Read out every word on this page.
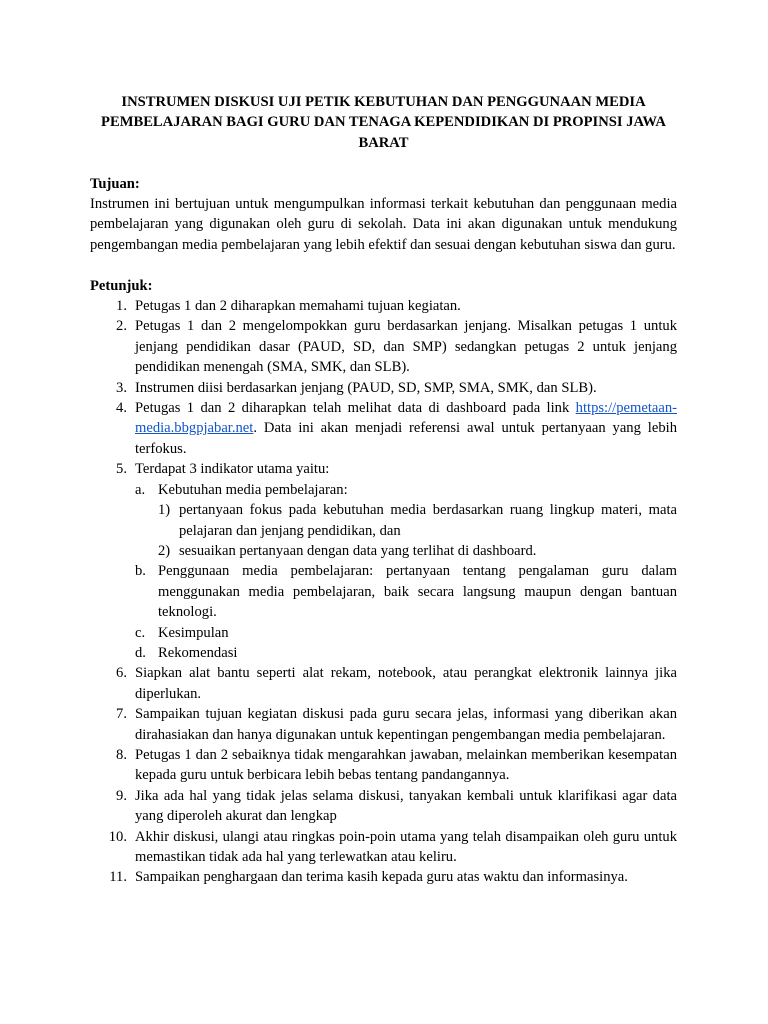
INSTRUMEN DISKUSI UJI PETIK KEBUTUHAN DAN PENGGUNAAN MEDIA PEMBELAJARAN BAGI GURU DAN TENAGA KEPENDIDIKAN DI PROPINSI JAWA BARAT

Tujuan:

Instrumen ini bertujuan untuk mengumpulkan informasi terkait kebutuhan dan penggunaan media pembelajaran yang digunakan oleh guru di sekolah. Data ini akan digunakan untuk mendukung pengembangan media pembelajaran yang lebih efektif dan sesuai dengan kebutuhan siswa dan guru.

Petunjuk:

1. Petugas 1 dan 2 diharapkan memahami tujuan kegiatan.
2. Petugas 1 dan 2 mengelompokkan guru berdasarkan jenjang. Misalkan petugas 1 untuk jenjang pendidikan dasar (PAUD, SD, dan SMP) sedangkan petugas 2 untuk jenjang pendidikan menengah (SMA, SMK, dan SLB).
3. Instrumen diisi berdasarkan jenjang (PAUD, SD, SMP, SMA, SMK, dan SLB).
4. Petugas 1 dan 2 diharapkan telah melihat data di dashboard pada link https://pemetaan-media.bbgpjabar.net. Data ini akan menjadi referensi awal untuk pertanyaan yang lebih terfokus.
5. Terdapat 3 indikator utama yaitu:
a. Kebutuhan media pembelajaran:
1) pertanyaan fokus pada kebutuhan media berdasarkan ruang lingkup materi, mata pelajaran dan jenjang pendidikan, dan
2) sesuaikan pertanyaan dengan data yang terlihat di dashboard.
b. Penggunaan media pembelajaran: pertanyaan tentang pengalaman guru dalam menggunakan media pembelajaran, baik secara langsung maupun dengan bantuan teknologi.
c. Kesimpulan
d. Rekomendasi
6. Siapkan alat bantu seperti alat rekam, notebook, atau perangkat elektronik lainnya jika diperlukan.
7. Sampaikan tujuan kegiatan diskusi pada guru secara jelas, informasi yang diberikan akan dirahasiakan dan hanya digunakan untuk kepentingan pengembangan media pembelajaran.
8. Petugas 1 dan 2 sebaiknya tidak mengarahkan jawaban, melainkan memberikan kesempatan kepada guru untuk berbicara lebih bebas tentang pandangannya.
9. Jika ada hal yang tidak jelas selama diskusi, tanyakan kembali untuk klarifikasi agar data yang diperoleh akurat dan lengkap
10. Akhir diskusi, ulangi atau ringkas poin-poin utama yang telah disampaikan oleh guru untuk memastikan tidak ada hal yang terlewatkan atau keliru.
11. Sampaikan penghargaan dan terima kasih kepada guru atas waktu dan informasinya.
